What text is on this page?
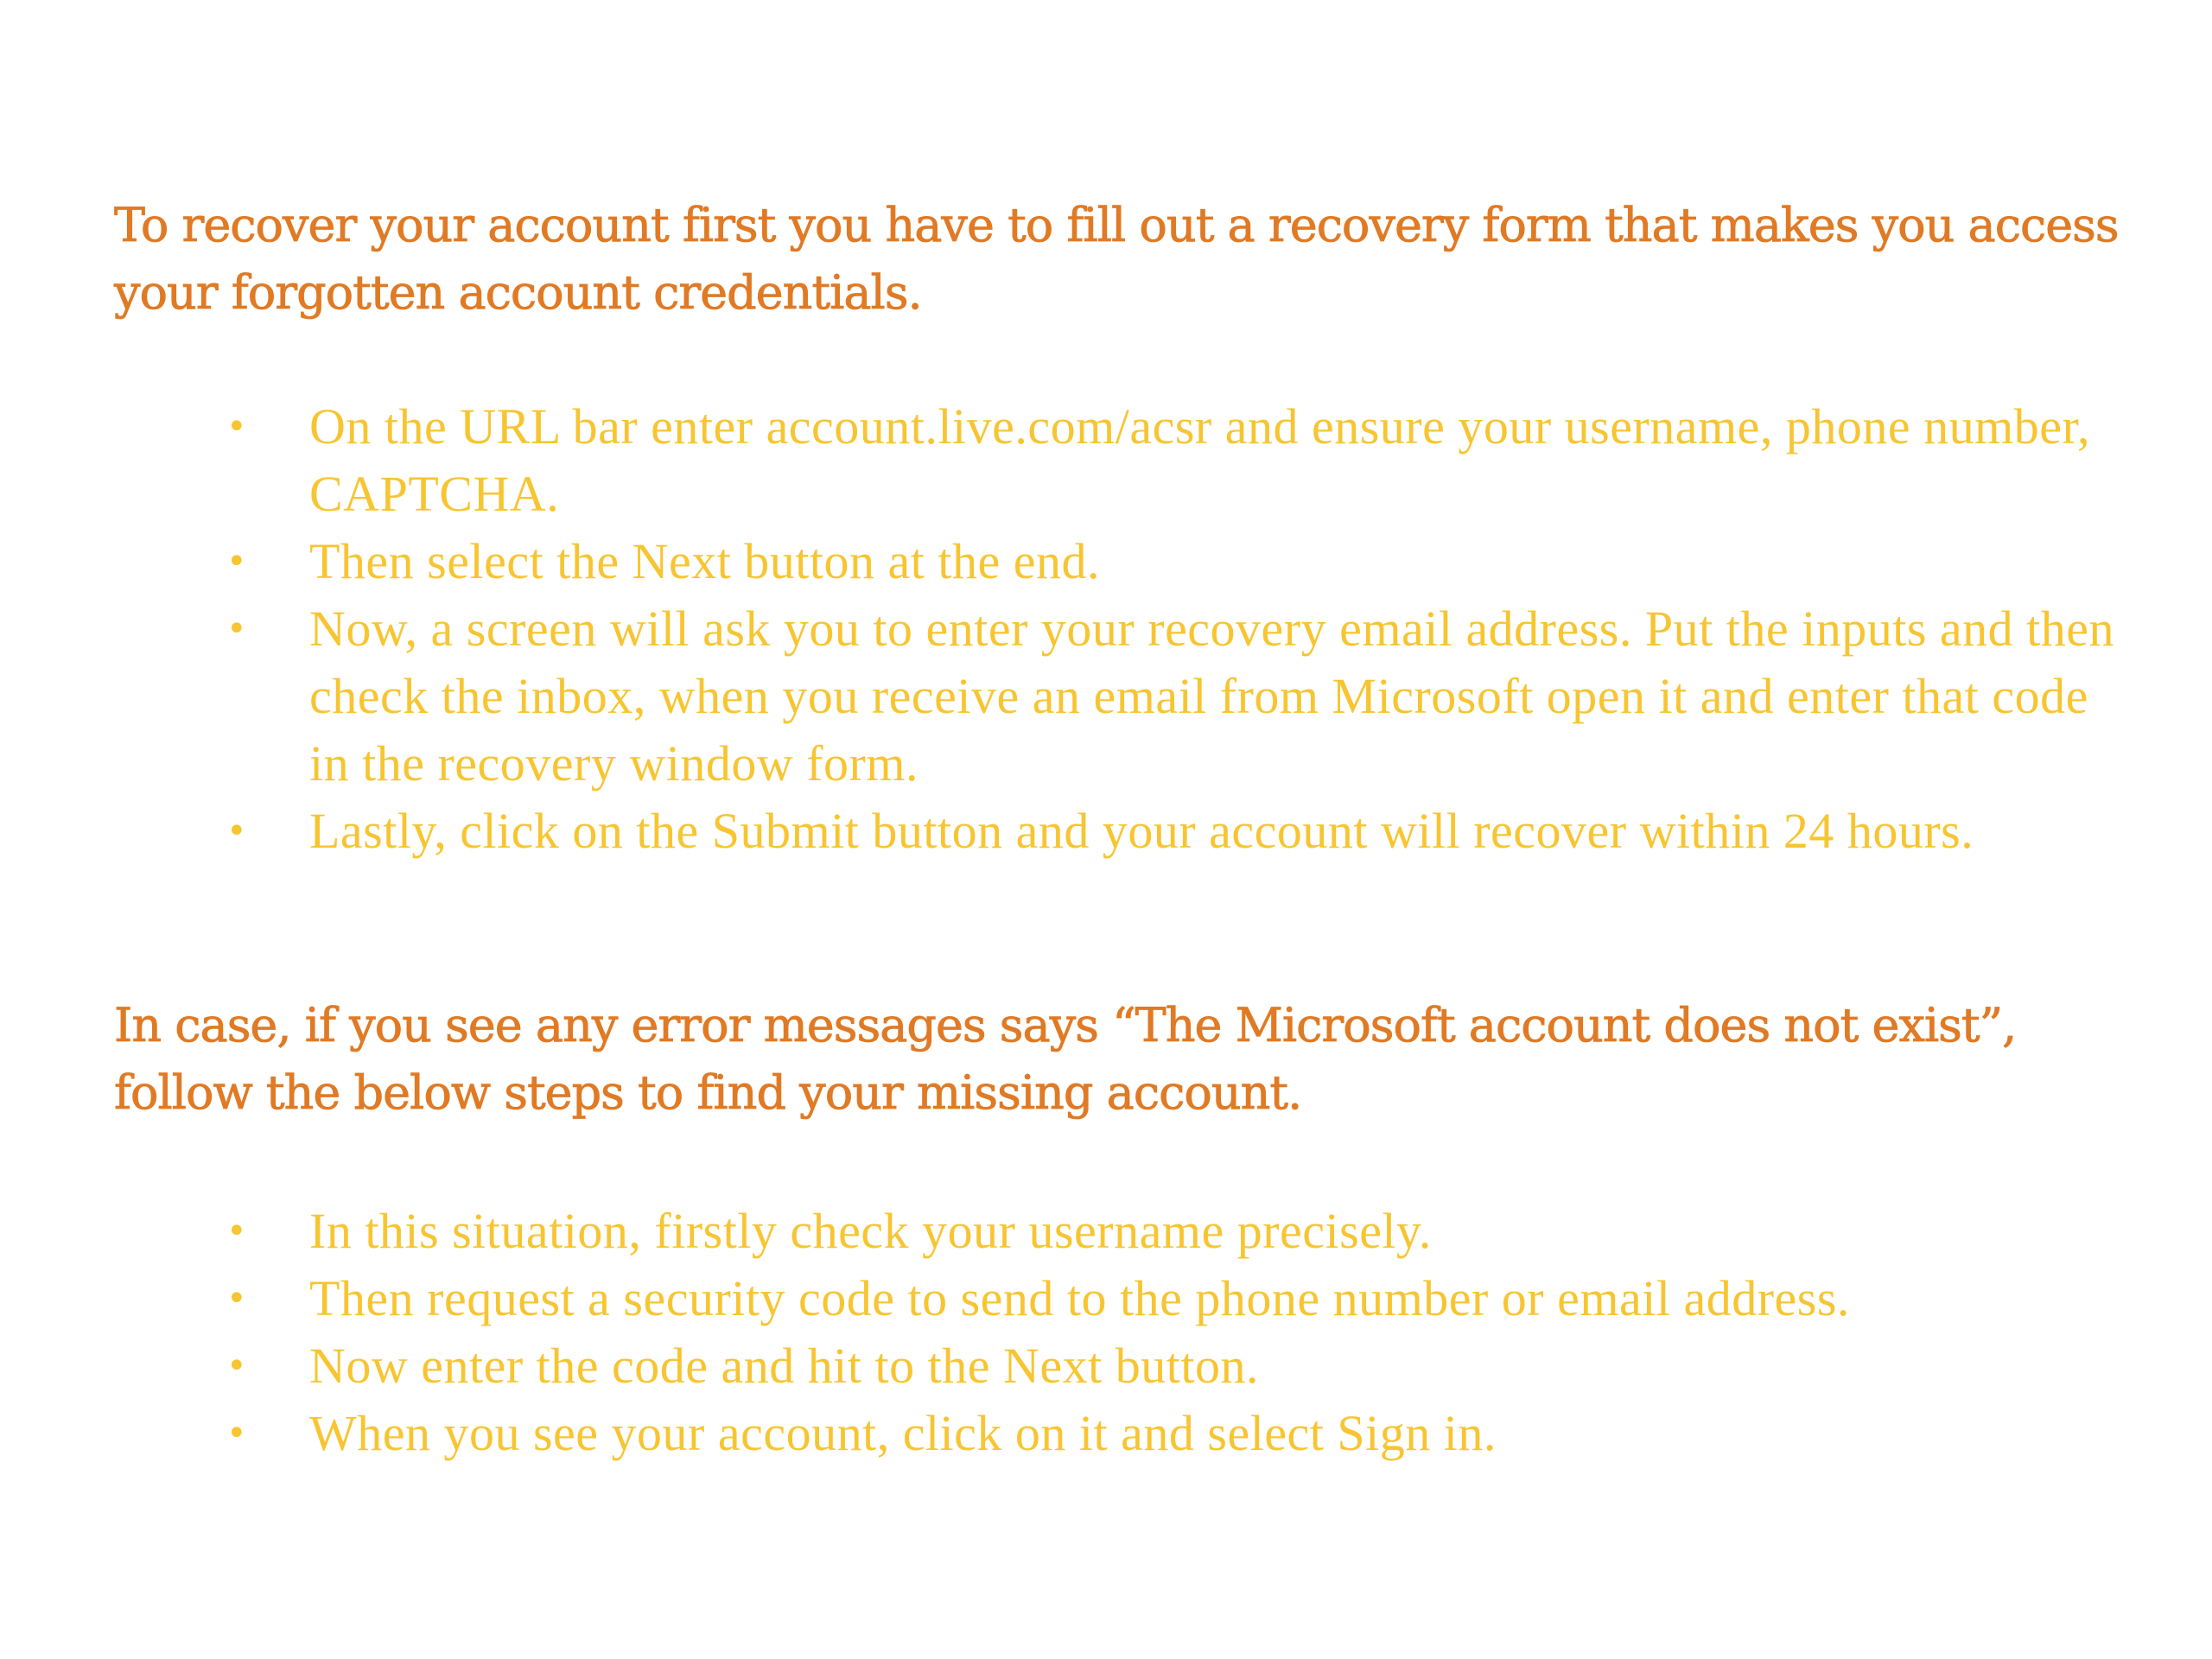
To recover your account first you have to fill out a recovery form that makes you access your forgotten account credentials.

• On the URL bar enter account.live.com/acsr and ensure your username, phone number, CAPTCHA.
• Then select the Next button at the end.
• Now, a screen will ask you to enter your recovery email address. Put the inputs and then check the inbox, when you receive an email from Microsoft open it and enter that code in the recovery window form.
• Lastly, click on the Submit button and your account will recover within 24 hours.

In case, if you see any error messages says “The Microsoft account does not exist”, follow the below steps to find your missing account.

• In this situation, firstly check your username precisely.
• Then request a security code to send to the phone number or email address.
• Now enter the code and hit to the Next button.
• When you see your account, click on it and select Sign in.
